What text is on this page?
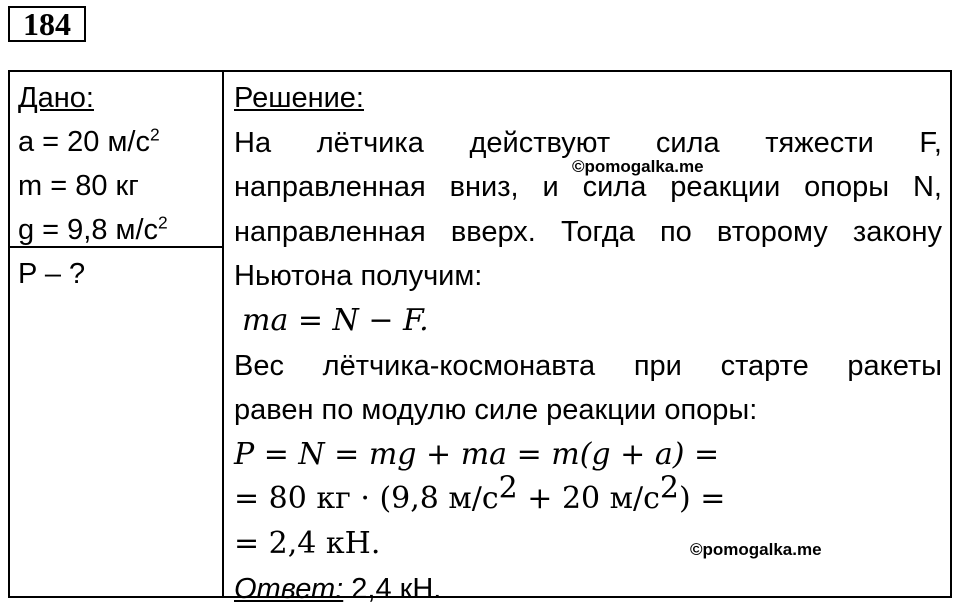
184
Дано:
a = 20 $м/с^2$
m = 80 кг
g = 9,8 $м/с^2$
P – ?
Решение:
На лётчика действуют сила тяжести F,
направленная вниз, и сила реакции опоры N,
направленная вверх. Тогда по второму закону
Ньютона получим:
ma = N − F.
Вес лётчика-космонавта при старте ракеты
равен по модулю силе реакции опоры:
P = N = mg + ma = m(g + a) =
= 80 кг · (9,8 $м/с^2 + 20$ $м/с^2$) =
= 2,4 кН.
Ответ: 2,4 кН.
©pomogalka.me
©pomogalka.me
